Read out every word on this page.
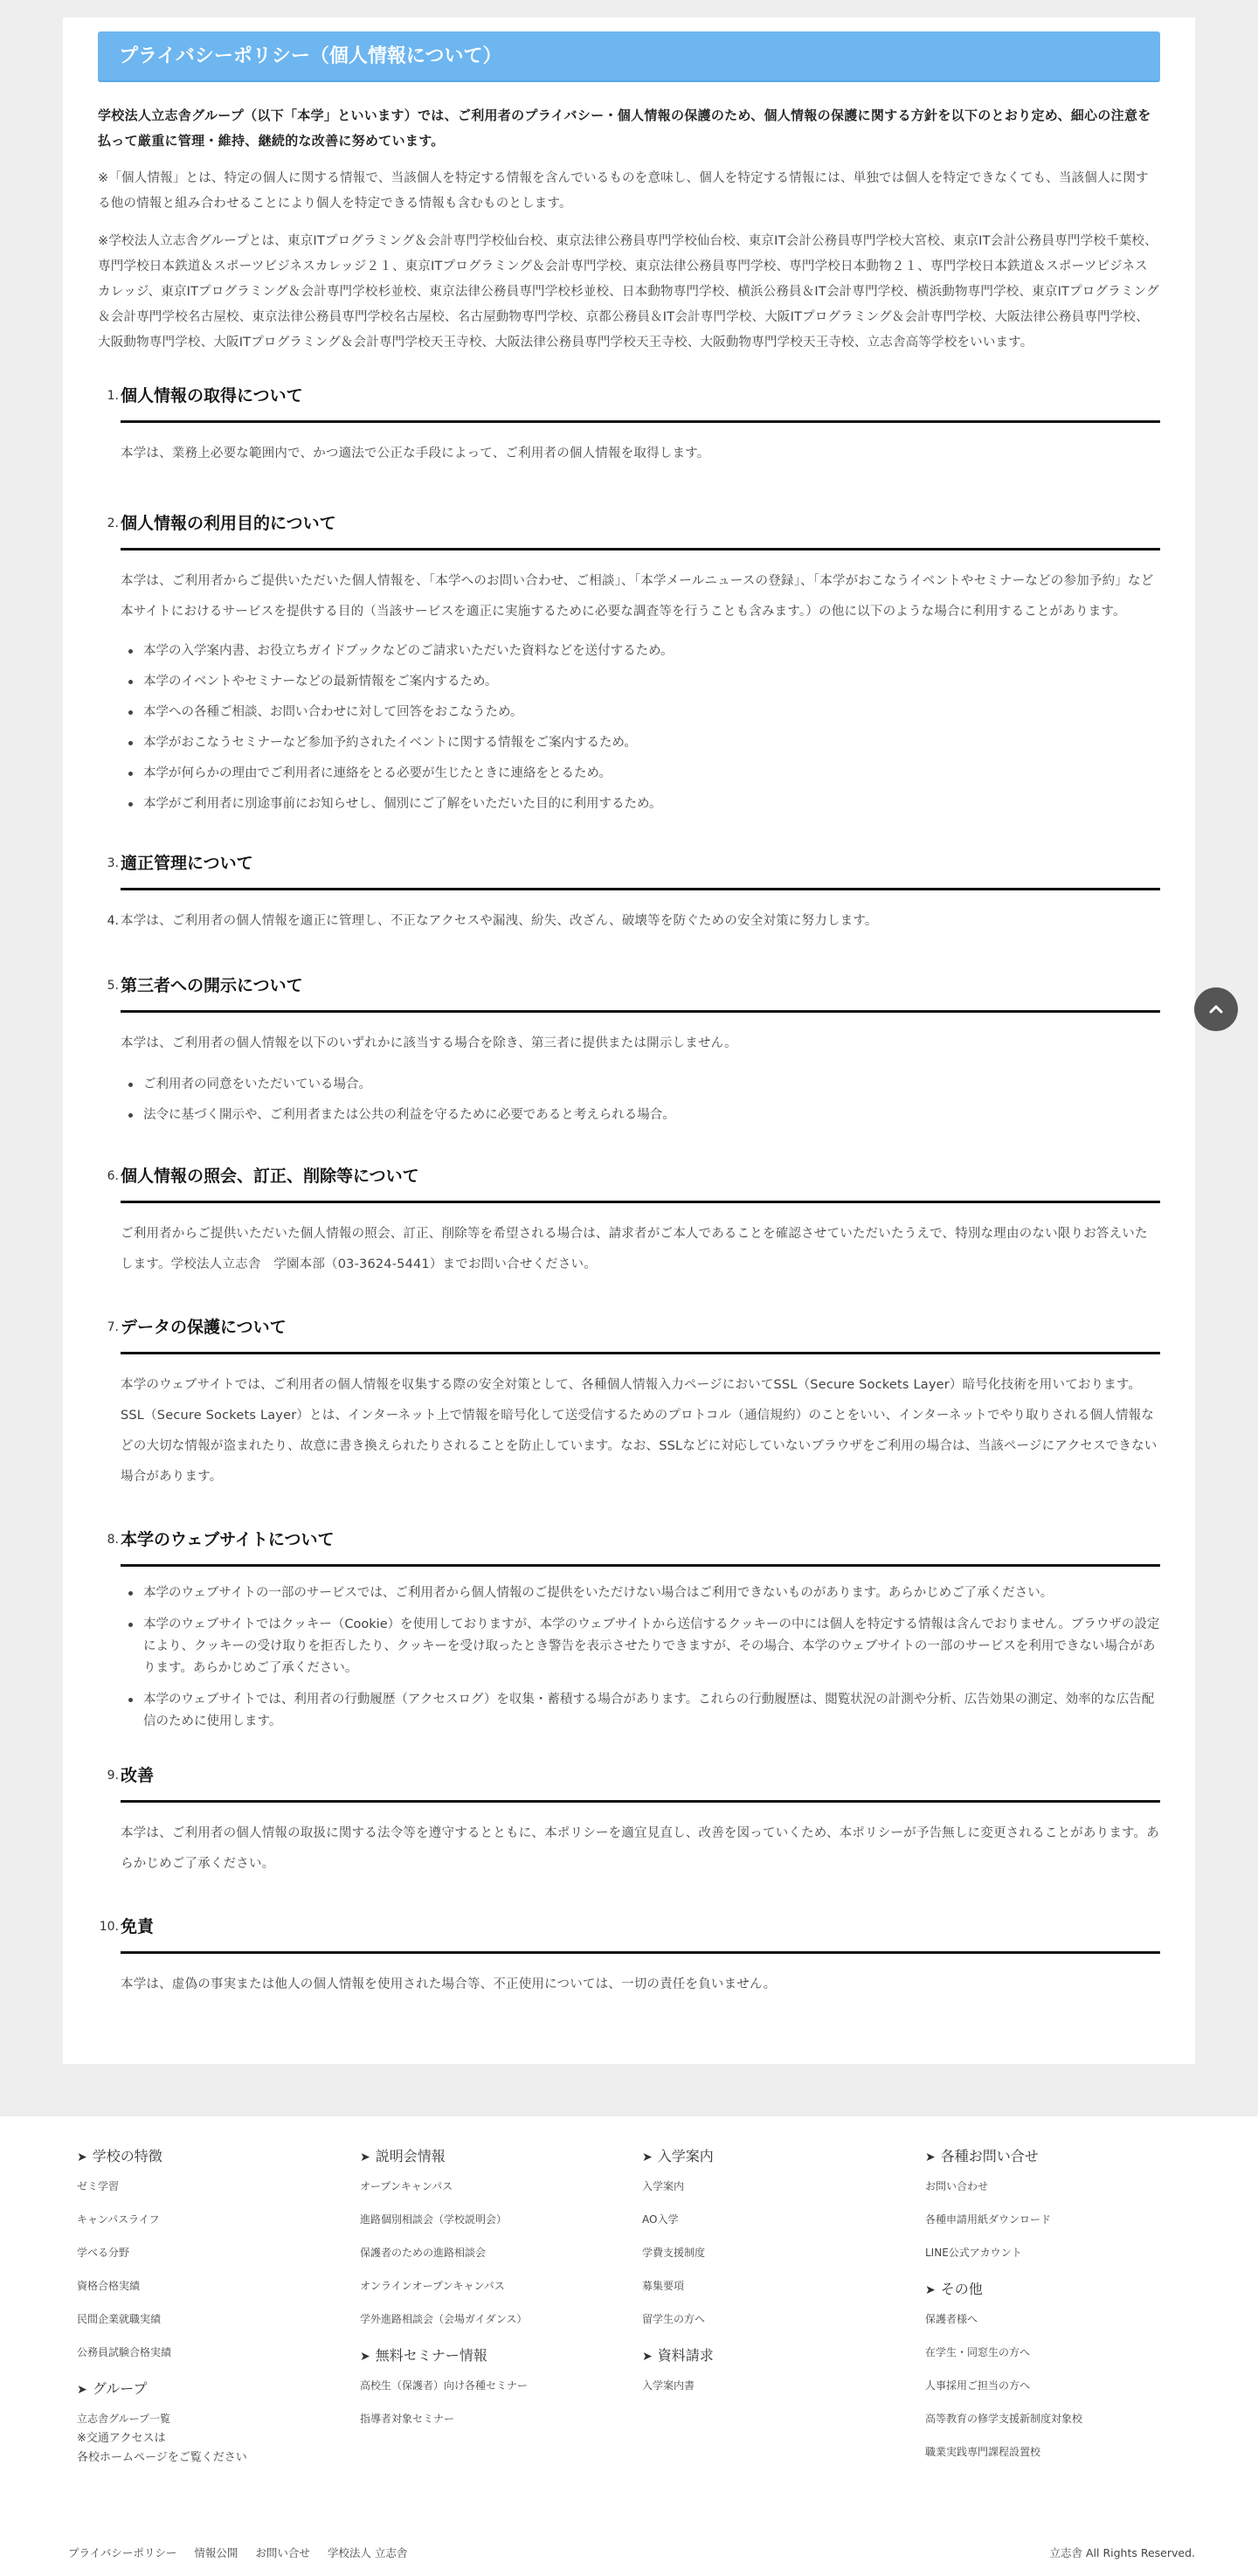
プライバシーポリシー（個人情報について）

学校法人立志舎グループ（以下「本学」といいます）では、ご利用者のプライバシー・個人情報の保護のため、個人情報の保護に関する方針を以下のとおり定め、細心の注意を払って厳重に管理・維持、継続的な改善に努めています。

※「個人情報」とは、特定の個人に関する情報で、当該個人を特定する情報を含んでいるものを意味し、個人を特定する情報には、単独では個人を特定できなくても、当該個人に関する他の情報と組み合わせることにより個人を特定できる情報も含むものとします。

※学校法人立志舎グループとは、東京ITプログラミング＆会計専門学校仙台校、東京法律公務員専門学校仙台校、東京IT会計公務員専門学校大宮校、東京IT会計公務員専門学校千葉校、専門学校日本鉄道＆スポーツビジネスカレッジ２１、東京ITプログラミング＆会計専門学校、東京法律公務員専門学校、専門学校日本動物２１、専門学校日本鉄道＆スポーツビジネスカレッジ、東京ITプログラミング＆会計専門学校杉並校、東京法律公務員専門学校杉並校、日本動物専門学校、横浜公務員＆IT会計専門学校、横浜動物専門学校、東京ITプログラミング＆会計専門学校名古屋校、東京法律公務員専門学校名古屋校、名古屋動物専門学校、京都公務員＆IT会計専門学校、大阪ITプログラミング＆会計専門学校、大阪法律公務員専門学校、大阪動物専門学校、大阪ITプログラミング＆会計専門学校天王寺校、大阪法律公務員専門学校天王寺校、大阪動物専門学校天王寺校、立志舎高等学校をいいます。

1. 個人情報の取得について

本学は、業務上必要な範囲内で、かつ適法で公正な手段によって、ご利用者の個人情報を取得します。

2. 個人情報の利用目的について

本学は、ご利用者からご提供いただいた個人情報を、「本学へのお問い合わせ、ご相談」、「本学メールニュースの登録」、「本学がおこなうイベントやセミナーなどの参加予約」など本サイトにおけるサービスを提供する目的（当該サービスを適正に実施するために必要な調査等を行うことも含みます。）の他に以下のような場合に利用することがあります。

本学の入学案内書、お役立ちガイドブックなどのご請求いただいた資料などを送付するため。
本学のイベントやセミナーなどの最新情報をご案内するため。
本学への各種ご相談、お問い合わせに対して回答をおこなうため。
本学がおこなうセミナーなど参加予約されたイベントに関する情報をご案内するため。
本学が何らかの理由でご利用者に連絡をとる必要が生じたときに連絡をとるため。
本学がご利用者に別途事前にお知らせし、個別にご了解をいただいた目的に利用するため。
3. 適正管理について
4. 本学は、ご利用者の個人情報を適正に管理し、不正なアクセスや漏洩、紛失、改ざん、破壊等を防ぐための安全対策に努力します。

5. 第三者への開示について

本学は、ご利用者の個人情報を以下のいずれかに該当する場合を除き、第三者に提供または開示しません。

ご利用者の同意をいただいている場合。
法令に基づく開示や、ご利用者または公共の利益を守るために必要であると考えられる場合。
6. 個人情報の照会、訂正、削除等について

ご利用者からご提供いただいた個人情報の照会、訂正、削除等を希望される場合は、請求者がご本人であることを確認させていただいたうえで、特別な理由のない限りお答えいたします。学校法人立志舎　学園本部（03-3624-5441）までお問い合せください。

7. データの保護について

本学のウェブサイトでは、ご利用者の個人情報を収集する際の安全対策として、各種個人情報入力ページにおいてSSL（Secure Sockets Layer）暗号化技術を用いております。SSL（Secure Sockets Layer）とは、インターネット上で情報を暗号化して送受信するためのプロトコル（通信規約）のことをいい、インターネットでやり取りされる個人情報などの大切な情報が盗まれたり、故意に書き換えられたりされることを防止しています。なお、SSLなどに対応していないブラウザをご利用の場合は、当該ページにアクセスできない場合があります。

8. 本学のウェブサイトについて
本学のウェブサイトの一部のサービスでは、ご利用者から個人情報のご提供をいただけない場合はご利用できないものがあります。あらかじめご了承ください。
本学のウェブサイトではクッキー（Cookie）を使用しておりますが、本学のウェブサイトから送信するクッキーの中には個人を特定する情報は含んでおりません。ブラウザの設定により、クッキーの受け取りを拒否したり、クッキーを受け取ったとき警告を表示させたりできますが、その場合、本学のウェブサイトの一部のサービスを利用できない場合があります。あらかじめご了承ください。
本学のウェブサイトでは、利用者の行動履歴（アクセスログ）を収集・蓄積する場合があります。これらの行動履歴は、閲覧状況の計測や分析、広告効果の測定、効率的な広告配信のために使用します。
9. 改善

本学は、ご利用者の個人情報の取扱に関する法令等を遵守するとともに、本ポリシーを適宜見直し、改善を図っていくため、本ポリシーが予告無しに変更されることがあります。あらかじめご了承ください。

10. 免責

本学は、虚偽の事実または他人の個人情報を使用された場合等、不正使用については、一切の責任を負いません。

➤ 学校の特徴
ゼミ学習
キャンパスライフ
学べる分野
資格合格実績
民間企業就職実績
公務員試験合格実績
➤ グループ
立志舎グループ一覧
※交通アクセスは
各校ホームページをご覧ください
➤ 説明会情報
オープンキャンパス
進路個別相談会（学校説明会）
保護者のための進路相談会
オンラインオープンキャンパス
学外進路相談会（会場ガイダンス）
➤ 無料セミナー情報
高校生（保護者）向け各種セミナー
指導者対象セミナー
➤ 入学案内
入学案内
AO入学
学費支援制度
募集要項
留学生の方へ
➤ 資料請求
入学案内書
➤ 各種お問い合せ
お問い合わせ
各種申請用紙ダウンロード
LINE公式アカウント
➤ その他
保護者様へ
在学生・同窓生の方へ
人事採用ご担当の方へ
高等教育の修学支援新制度対象校
職業実践専門課程設置校
プライバシーポリシー 情報公開 お問い合せ 学校法人 立志舎	立志舎 All Rights Reserved.
